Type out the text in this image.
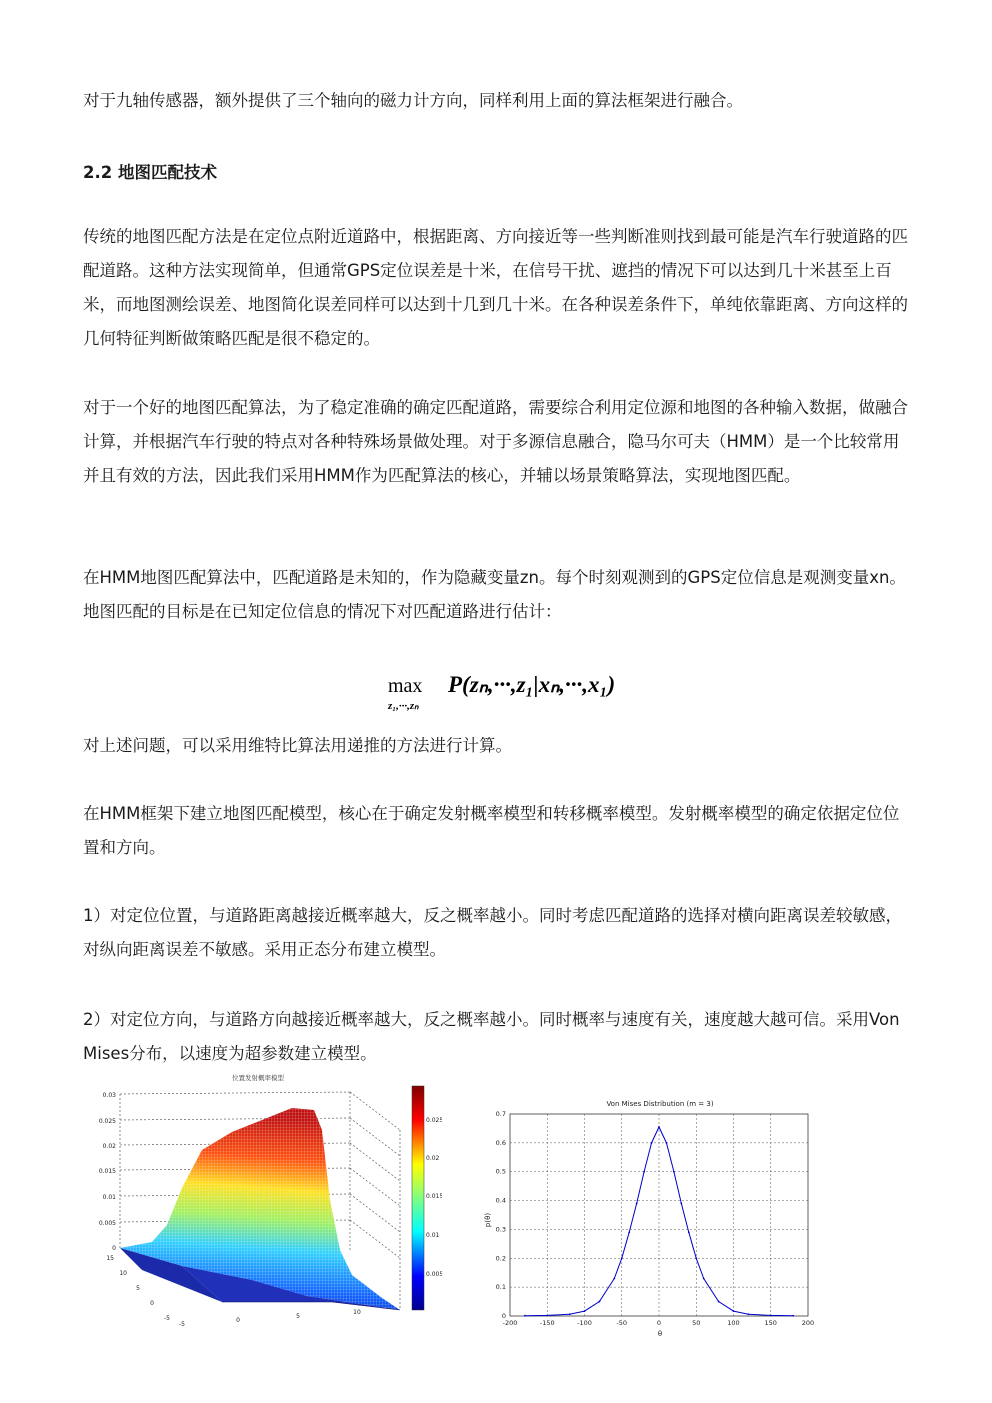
对于九轴传感器，额外提供了三个轴向的磁力计方向，同样利用上面的算法框架进行融合。

2.2 地图匹配技术

传统的地图匹配方法是在定位点附近道路中，根据距离、方向接近等一些判断准则找到最可能是汽车行驶道路的匹配道路。这种方法实现简单，但通常GPS定位误差是十米，在信号干扰、遮挡的情况下可以达到几十米甚至上百米，而地图测绘误差、地图简化误差同样可以达到十几到几十米。在各种误差条件下，单纯依靠距离、方向这样的几何特征判断做策略匹配是很不稳定的。

对于一个好的地图匹配算法，为了稳定准确的确定匹配道路，需要综合利用定位源和地图的各种输入数据，做融合计算，并根据汽车行驶的特点对各种特殊场景做处理。对于多源信息融合，隐马尔可夫（HMM）是一个比较常用并且有效的方法，因此我们采用HMM作为匹配算法的核心，并辅以场景策略算法，实现地图匹配。

在HMM地图匹配算法中，匹配道路是未知的，作为隐藏变量zn。每个时刻观测到的GPS定位信息是观测变量xn。地图匹配的目标是在已知定位信息的情况下对匹配道路进行估计：

max
z₁,···,zₙ
P(zₙ,···,z₁|xₙ,···,x₁)

对上述问题，可以采用维特比算法用递推的方法进行计算。

在HMM框架下建立地图匹配模型，核心在于确定发射概率模型和转移概率模型。发射概率模型的确定依据定位位置和方向。

1）对定位位置，与道路距离越接近概率越大，反之概率越小。同时考虑匹配道路的选择对横向距离误差较敏感，对纵向距离误差不敏感。采用正态分布建立模型。

2）对定位方向，与道路方向越接近概率越大，反之概率越小。同时概率与速度有关，速度越大越可信。采用Von Mises分布，以速度为超参数建立模型。

位置发射概率模型
0.03
0.025
0.02
0.015
0.01
0.005
0
15
10
5
0
-5
-5
0
5
10
0.025
0.02
0.015
0.01
0.005
-200	-150	-100	-50	0	50	100	150	200
0
0.1
0.2
0.3
0.4
0.5
0.6
0.7
Von Mises Distribution (m = 3)
p(θ)
θ
